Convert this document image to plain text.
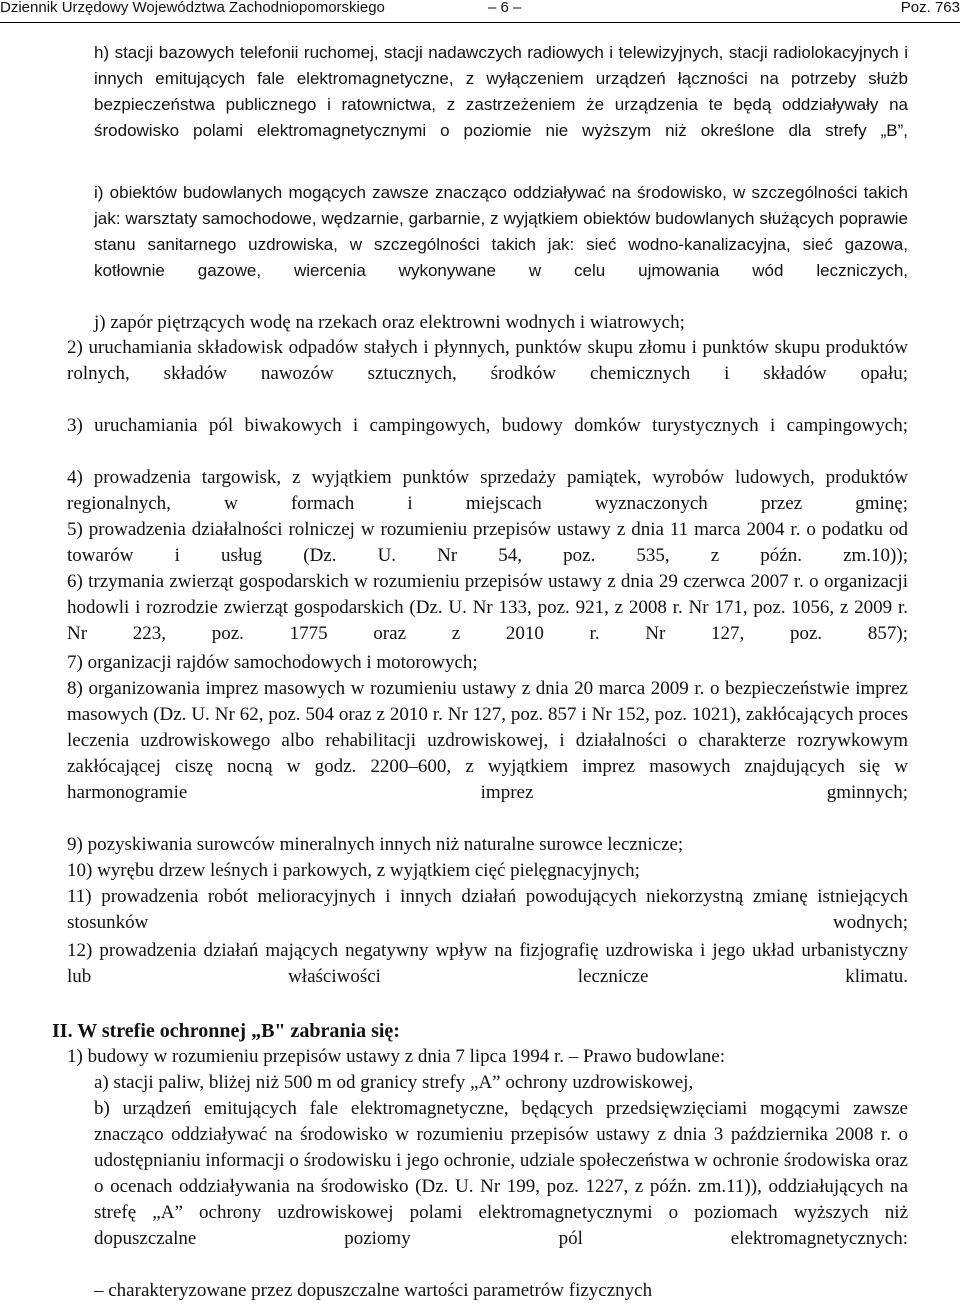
Dziennik Urzędowy Województwa Zachodniopomorskiego	– 6 –	Poz. 763

h) stacji bazowych telefonii ruchomej, stacji nadawczych radiowych i telewizyjnych, stacji radiolokacyjnych i innych emitujących fale elektromagnetyczne, z wyłączeniem urządzeń łączności na potrzeby służb bezpieczeństwa publicznego i ratownictwa, z zastrzeżeniem że urządzenia te będą oddziaływały na środowisko polami elektromagnetycznymi o poziomie nie wyższym niż określone dla strefy „B”,

i) obiektów budowlanych mogących zawsze znacząco oddziaływać na środowisko, w szczególności takich jak: warsztaty samochodowe, wędzarnie, garbarnie, z wyjątkiem obiektów budowlanych służących poprawie stanu sanitarnego uzdrowiska, w szczególności takich jak: sieć wodno-kanalizacyjna, sieć gazowa, kotłownie gazowe, wiercenia wykonywane w celu ujmowania wód leczniczych,

j) zapór piętrzących wodę na rzekach oraz elektrowni wodnych i wiatrowych;

2) uruchamiania składowisk odpadów stałych i płynnych, punktów skupu złomu i punktów skupu produktów rolnych, składów nawozów sztucznych, środków chemicznych i składów opału;

3) uruchamiania pól biwakowych i campingowych, budowy domków turystycznych i campingowych;

4) prowadzenia targowisk, z wyjątkiem punktów sprzedaży pamiątek, wyrobów ludowych, produktów regionalnych, w formach i miejscach wyznaczonych przez gminę;

5) prowadzenia działalności rolniczej w rozumieniu przepisów ustawy z dnia 11 marca 2004 r. o podatku od towarów i usług (Dz. U. Nr 54, poz. 535, z późn. zm.10));

6) trzymania zwierząt gospodarskich w rozumieniu przepisów ustawy z dnia 29 czerwca 2007 r. o organizacji hodowli i rozrodzie zwierząt gospodarskich (Dz. U. Nr 133, poz. 921, z 2008 r. Nr 171, poz. 1056, z 2009 r. Nr 223, poz. 1775 oraz z 2010 r. Nr 127, poz. 857);

7) organizacji rajdów samochodowych i motorowych;

8) organizowania imprez masowych w rozumieniu ustawy z dnia 20 marca 2009 r. o bezpieczeństwie imprez masowych (Dz. U. Nr 62, poz. 504 oraz z 2010 r. Nr 127, poz. 857 i Nr 152, poz. 1021), zakłócających proces leczenia uzdrowiskowego albo rehabilitacji uzdrowiskowej, i działalności o charakterze rozrywkowym zakłócającej ciszę nocną w godz. 2200–600, z wyjątkiem imprez masowych znajdujących się w harmonogramie imprez gminnych;

9) pozyskiwania surowców mineralnych innych niż naturalne surowce lecznicze;

10) wyrębu drzew leśnych i parkowych, z wyjątkiem cięć pielęgnacyjnych;

11) prowadzenia robót melioracyjnych i innych działań powodujących niekorzystną zmianę istniejących stosunków wodnych;

12) prowadzenia działań mających negatywny wpływ na fizjografię uzdrowiska i jego układ urbanistyczny lub właściwości lecznicze klimatu.

II. W strefie ochronnej „B" zabrania się:

1) budowy w rozumieniu przepisów ustawy z dnia 7 lipca 1994 r. – Prawo budowlane:

a) stacji paliw, bliżej niż 500 m od granicy strefy „A” ochrony uzdrowiskowej,

b) urządzeń emitujących fale elektromagnetyczne, będących przedsięwzięciami mogącymi zawsze znacząco oddziaływać na środowisko w rozumieniu przepisów ustawy z dnia 3 października 2008 r. o udostępnianiu informacji o środowisku i jego ochronie, udziale społeczeństwa w ochronie środowiska oraz o ocenach oddziaływania na środowisko (Dz. U. Nr 199, poz. 1227, z późn. zm.11)), oddziałujących na strefę „A” ochrony uzdrowiskowej polami elektromagnetycznymi o poziomach wyższych niż dopuszczalne poziomy pól elektromagnetycznych:

– charakteryzowane przez dopuszczalne wartości parametrów fizycznych
